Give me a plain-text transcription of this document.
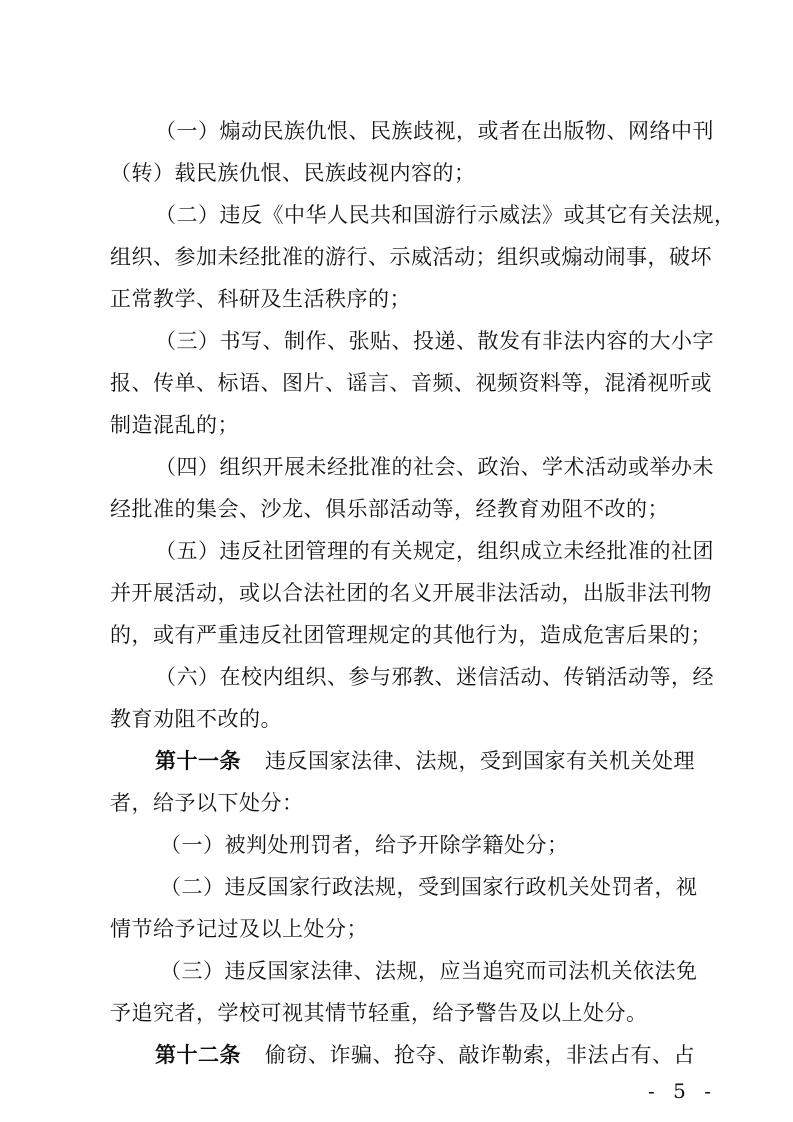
（一）煽动民族仇恨、民族歧视，或者在出版物、网络中刊
（转）载民族仇恨、民族歧视内容的；
（二）违反《中华人民共和国游行示威法》或其它有关法规，
组织、参加未经批准的游行、示威活动；组织或煽动闹事，破坏
正常教学、科研及生活秩序的；
（三）书写、制作、张贴、投递、散发有非法内容的大小字
报、传单、标语、图片、谣言、音频、视频资料等，混淆视听或
制造混乱的；
（四）组织开展未经批准的社会、政治、学术活动或举办未
经批准的集会、沙龙、俱乐部活动等，经教育劝阻不改的；
（五）违反社团管理的有关规定，组织成立未经批准的社团
并开展活动，或以合法社团的名义开展非法活动，出版非法刊物
的，或有严重违反社团管理规定的其他行为，造成危害后果的；
（六）在校内组织、参与邪教、迷信活动、传销活动等，经
教育劝阻不改的。
第十一条 违反国家法律、法规，受到国家有关机关处理
者，给予以下处分：
（一）被判处刑罚者，给予开除学籍处分；
（二）违反国家行政法规，受到国家行政机关处罚者，视
情节给予记过及以上处分；
（三）违反国家法律、法规，应当追究而司法机关依法免
予追究者，学校可视其情节轻重，给予警告及以上处分。
第十二条 偷窃、诈骗、抢夺、敲诈勒索，非法占有、占
- 5 -
